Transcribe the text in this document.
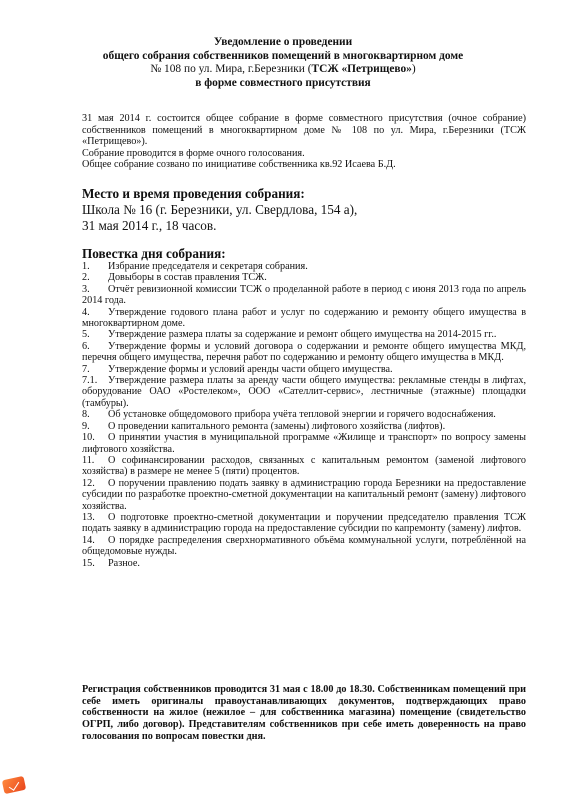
Уведомление о проведении
общего собрания собственников помещений в многоквартирном доме
№ 108 по ул. Мира, г.Березники (ТСЖ «Петрищево»)
в форме совместного присутствия

31 мая 2014 г. состоится общее собрание в форме совместного присутствия (очное собрание) собственников помещений в многоквартирном доме № 108 по ул. Мира, г.Березники (ТСЖ «Петрищево»).

Собрание проводится в форме очного голосования.

Общее собрание созвано по инициативе собственника кв.92 Исаева Б.Д.

Место и время проведения собрания:
Школа № 16 (г. Березники, ул. Свердлова, 154 а),
31 мая 2014 г., 18 часов.
Повестка дня собрания:
1. Избрание председателя и секретаря собрания.
2. Довыборы в состав правления ТСЖ.
3. Отчёт ревизионной комиссии ТСЖ о проделанной работе в период с июня 2013 года по апрель 2014 года.
4. Утверждение годового плана работ и услуг по содержанию и ремонту общего имущества в многоквартирном доме.
5. Утверждение размера платы за содержание и ремонт общего имущества на 2014-2015 гг..
6. Утверждение формы и условий договора о содержании и ремонте общего имущества МКД, перечня общего имущества, перечня работ по содержанию и ремонту общего имущества в МКД.
7. Утверждение формы и условий аренды части общего имущества.
7.1. Утверждение размера платы за аренду части общего имущества: рекламные стенды в лифтах, оборудование ОАО «Ростелеком», ООО «Сателлит-сервис», лестничные (этажные) площадки (тамбуры).
8. Об установке общедомового прибора учёта тепловой энергии и горячего водоснабжения.
9. О проведении капитального ремонта (замены) лифтового хозяйства (лифтов).
10. О принятии участия в муниципальной программе «Жилище и транспорт» по вопросу замены лифтового хозяйства.
11. О софинансировании расходов, связанных с капитальным ремонтом (заменой лифтового хозяйства) в размере не менее 5 (пяти) процентов.
12. О поручении правлению подать заявку в администрацию города Березники на предоставление субсидии по разработке проектно-сметной документации на капитальный ремонт (замену) лифтового хозяйства.
13. О подготовке проектно-сметной документации и поручении председателю правления ТСЖ подать заявку в администрацию города на предоставление субсидии по капремонту (замену) лифтов.
14. О порядке распределения сверхнормативного объёма коммунальной услуги, потреблённой на общедомовые нужды.
15. Разное.
Регистрация собственников проводится 31 мая с 18.00 до 18.30. Собственникам помещений при себе иметь оригиналы правоустанавливающих документов, подтверждающих право собственности на жилое (нежилое – для собственника магазина) помещение (свидетельство ОГРП, либо договор). Представителям собственников при себе иметь доверенность на право голосования по вопросам повестки дня.
